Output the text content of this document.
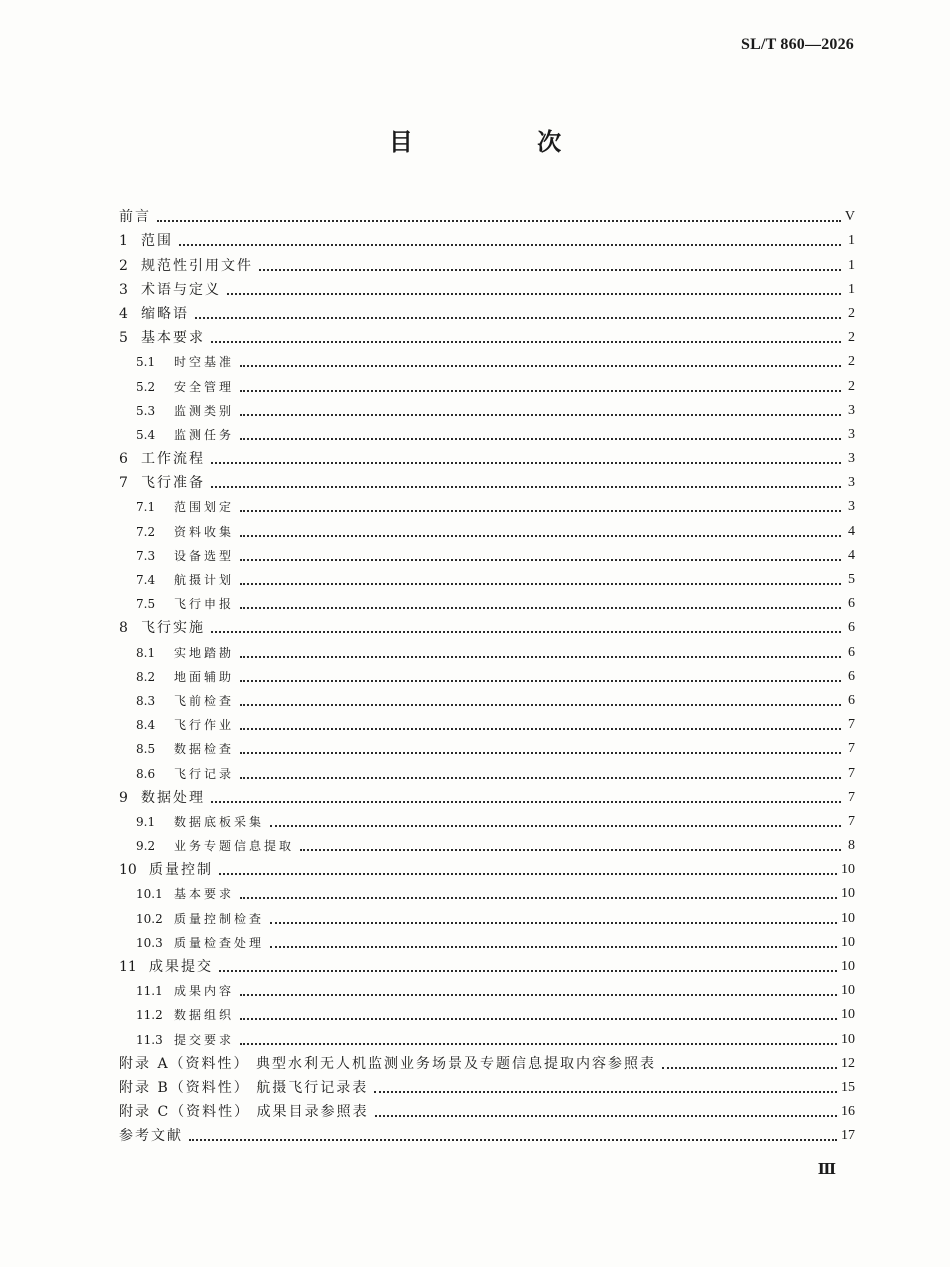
SL/T 860—2026
目 次
前言	V
1 范围	1
2 规范性引用文件	1
3 术语与定义	1
4 缩略语	2
5 基本要求	2
5.1	时空基准	2
5.2	安全管理	2
5.3	监测类别	3
5.4	监测任务	3
6 工作流程	3
7 飞行准备	3
7.1	范围划定	3
7.2	资料收集	4
7.3	设备选型	4
7.4	航摄计划	5
7.5	飞行申报	6
8 飞行实施	6
8.1	实地踏勘	6
8.2	地面辅助	6
8.3	飞前检查	6
8.4	飞行作业	7
8.5	数据检查	7
8.6	飞行记录	7
9 数据处理	7
9.1	数据底板采集	7
9.2	业务专题信息提取	8
10 质量控制	10
10.1 基本要求	10
10.2 质量控制检查	10
10.3 质量检查处理	10
11 成果提交	10
11.1 成果内容	10
11.2 数据组织	10
11.3 提交要求	10
附录 A（资料性） 典型水利无人机监测业务场景及专题信息提取内容参照表	12
附录 B（资料性） 航摄飞行记录表	15
附录 C（资料性） 成果目录参照表	16
参考文献	17
Ⅲ
